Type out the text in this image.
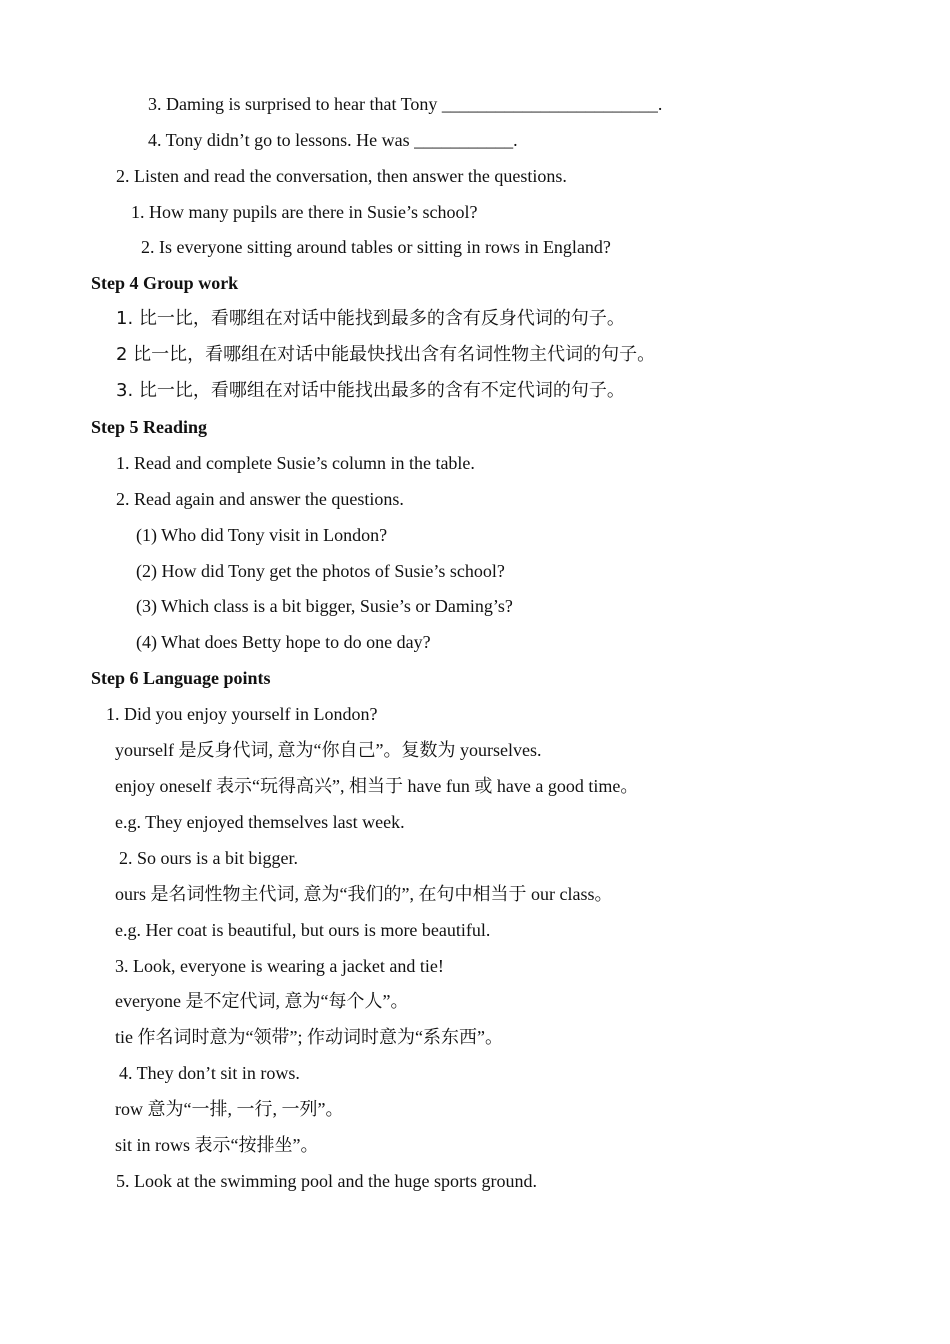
3. Daming is surprised to hear that Tony ________________________.
4. Tony didn’t go to lessons. He was ___________.
2. Listen and read the conversation, then answer the questions.
1. How many pupils are there in Susie’s school?
2. Is everyone sitting around tables or sitting in rows in England?
Step 4 Group work
1. 比一比，看哪组在对话中能找到最多的含有反身代词的句子。
2 比一比，看哪组在对话中能最快找出含有名词性物主代词的句子。
3. 比一比，看哪组在对话中能找出最多的含有不定代词的句子。
Step 5 Reading
1. Read and complete Susie’s column in the table.
2. Read again and answer the questions.
(1) Who did Tony visit in London?
(2) How did Tony get the photos of Susie’s school?
(3) Which class is a bit bigger, Susie’s or Daming’s?
(4) What does Betty hope to do one day?
Step 6 Language points
1. Did you enjoy yourself in London?
yourself 是反身代词, 意为“你自己”。复数为 yourselves.
enjoy oneself 表示“玩得高兴”, 相当于 have fun 或 have a good time。
e.g. They enjoyed themselves last week.
2. So ours is a bit bigger.
ours 是名词性物主代词, 意为“我们的”, 在句中相当于 our class。
e.g. Her coat is beautiful, but ours is more beautiful.
3. Look, everyone is wearing a jacket and tie!
everyone 是不定代词, 意为“每个人”。
tie 作名词时意为“领带”; 作动词时意为“系东西”。
4. They don’t sit in rows.
row 意为“一排, 一行, 一列”。
sit in rows 表示“按排坐”。
5. Look at the swimming pool and the huge sports ground.
